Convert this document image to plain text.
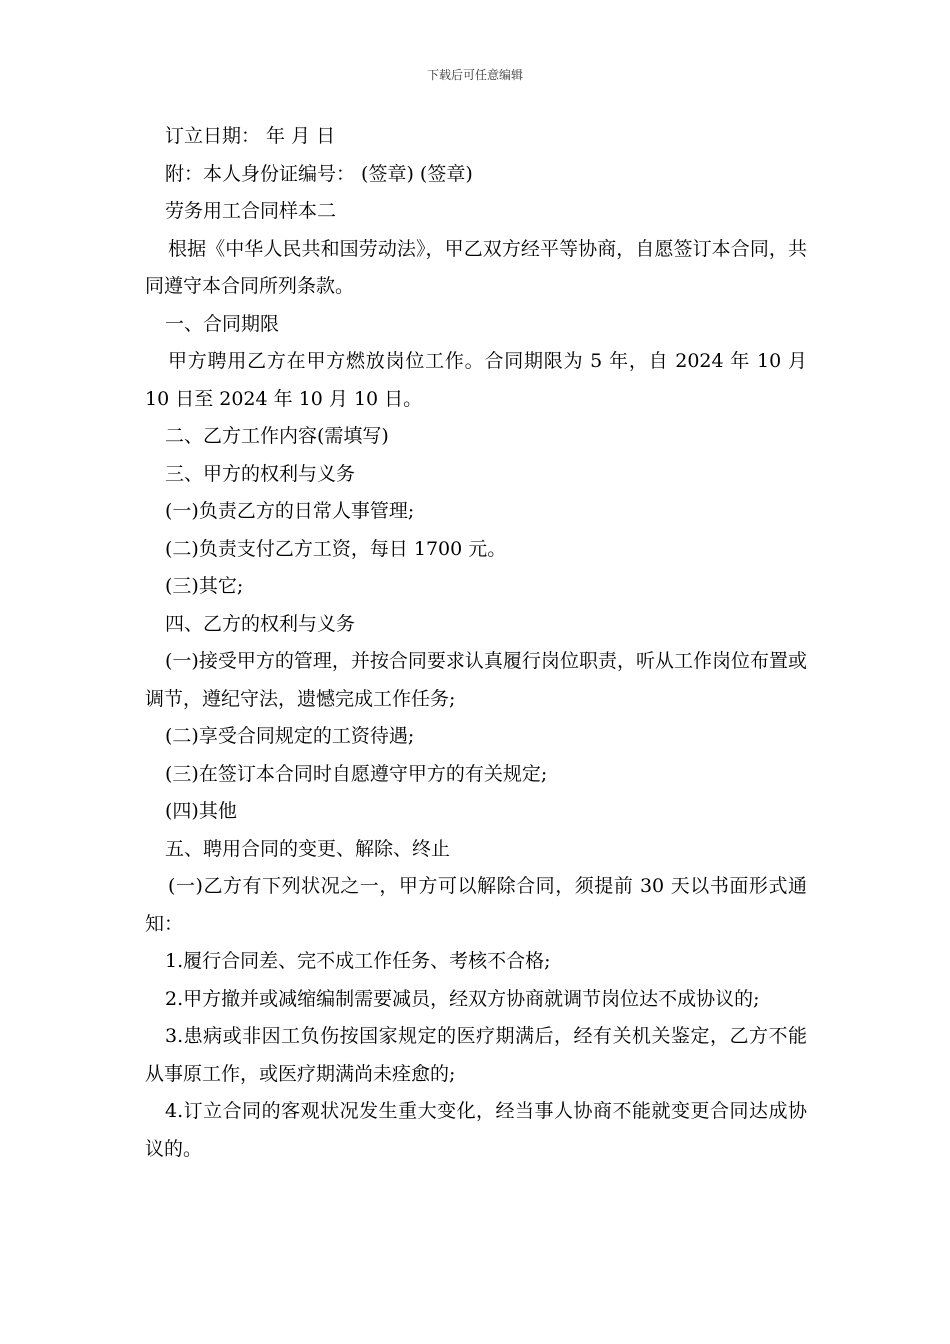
下载后可任意编辑

订立日期： 年 月 日

附：本人身份证编号： (签章) (签章)

劳务用工合同样本二

根据《中华人民共和国劳动法》，甲乙双方经平等协商，自愿签订本合同，共同遵守本合同所列条款。

一、合同期限

甲方聘用乙方在甲方燃放岗位工作。合同期限为 5 年，自 2024 年 10 月 10 日至 2024 年 10 月 10 日。

二、乙方工作内容(需填写)

三、甲方的权利与义务

(一)负责乙方的日常人事管理;

(二)负责支付乙方工资，每日 1700 元。

(三)其它;

四、乙方的权利与义务

(一)接受甲方的管理，并按合同要求认真履行岗位职责，听从工作岗位布置或调节，遵纪守法，遗憾完成工作任务;

(二)享受合同规定的工资待遇;

(三)在签订本合同时自愿遵守甲方的有关规定;

(四)其他

五、聘用合同的变更、解除、终止

(一)乙方有下列状况之一，甲方可以解除合同，须提前 30 天以书面形式通知：

1.履行合同差、完不成工作任务、考核不合格;

2.甲方撤并或减缩编制需要减员，经双方协商就调节岗位达不成协议的;

3.患病或非因工负伤按国家规定的医疗期满后，经有关机关鉴定，乙方不能从事原工作，或医疗期满尚未痊愈的;

4.订立合同的客观状况发生重大变化，经当事人协商不能就变更合同达成协议的。
